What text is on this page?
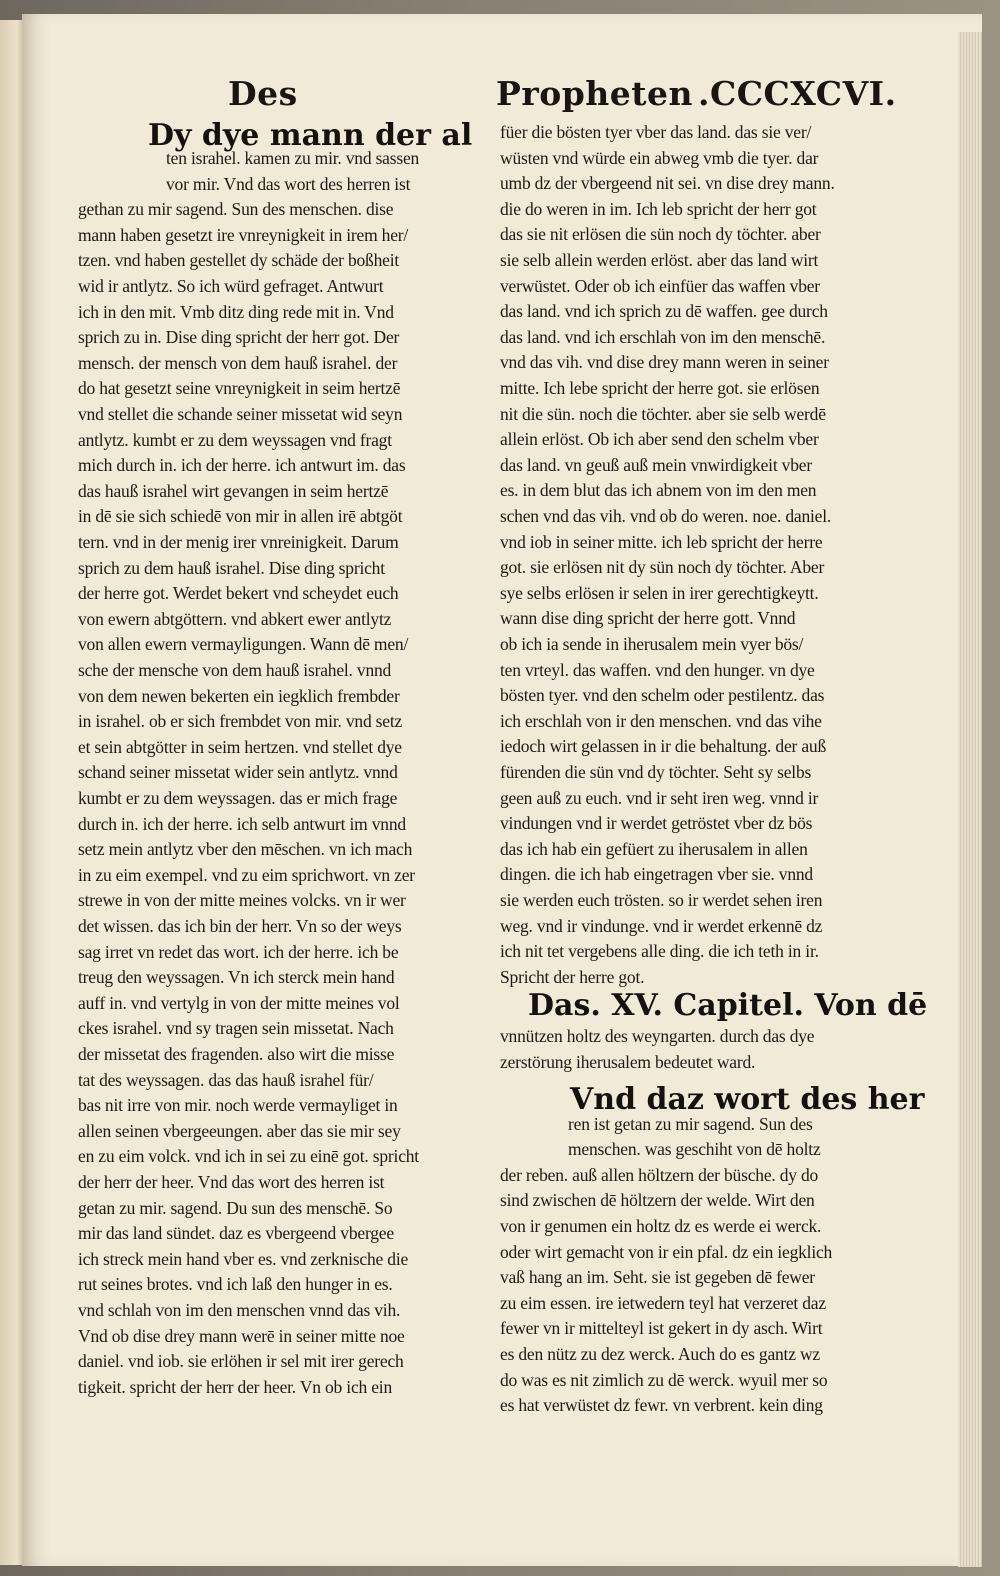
Des	Propheten .CCCXCVI.
Dy dye mann der al
ten israhel. kamen zu mir. vnd sassen
vor mir. Vnd das wort des herren ist
gethan zu mir sagend. Sun des menschen. dise
mann haben gesetzt ire vnreynigkeit in irem her/
tzen. vnd haben gestellet dy schäde der boßheit
wid ir antlytz. So ich würd gefraget. Antwurt
ich in den mit. Vmb ditz ding rede mit in. Vnd
sprich zu in. Dise ding spricht der herr got. Der
mensch. der mensch von dem hauß israhel. der
do hat gesetzt seine vnreynigkeit in seim hertzē
vnd stellet die schande seiner missetat wid seyn
antlytz. kumbt er zu dem weyssagen vnd fragt
mich durch in. ich der herre. ich antwurt im. das
das hauß israhel wirt gevangen in seim hertzē
in dē sie sich schiedē von mir in allen irē abtgöt
tern. vnd in der menig irer vnreinigkeit. Darum
sprich zu dem hauß israhel. Dise ding spricht
der herre got. Werdet bekert vnd scheydet euch
von ewern abtgöttern. vnd abkert ewer antlytz
von allen ewern vermayligungen. Wann dē men/
sche der mensche von dem hauß israhel. vnnd
von dem newen bekerten ein iegklich frembder
in israhel. ob er sich frembdet von mir. vnd setz
et sein abtgötter in seim hertzen. vnd stellet dye
schand seiner missetat wider sein antlytz. vnnd
kumbt er zu dem weyssagen. das er mich frage
durch in. ich der herre. ich selb antwurt im vnnd
setz mein antlytz vber den mēschen. vn ich mach
in zu eim exempel. vnd zu eim sprichwort. vn zer
strewe in von der mitte meines volcks. vn ir wer
det wissen. das ich bin der herr. Vn so der weys
sag irret vn redet das wort. ich der herre. ich be
treug den weyssagen. Vn ich sterck mein hand
auff in. vnd vertylg in von der mitte meines vol
ckes israhel. vnd sy tragen sein missetat. Nach
der missetat des fragenden. also wirt die misse
tat des weyssagen. das das hauß israhel für/
bas nit irre von mir. noch werde vermayliget in
allen seinen vbergeeungen. aber das sie mir sey
en zu eim volck. vnd ich in sei zu einē got. spricht
der herr der heer. Vnd das wort des herren ist
getan zu mir. sagend. Du sun des menschē. So
mir das land sündet. daz es vbergeend vbergee
ich streck mein hand vber es. vnd zerknische die
rut seines brotes. vnd ich laß den hunger in es.
vnd schlah von im den menschen vnnd das vih.
Vnd ob dise drey mann werē in seiner mitte noe
daniel. vnd iob. sie erlöhen ir sel mit irer gerech
tigkeit. spricht der herr der heer. Vn ob ich ein
Das. XV. Capitel. Von dē
Vnd daz wort des her
füer die bösten tyer vber das land. das sie ver/
wüsten vnd würde ein abweg vmb die tyer. dar
umb dz der vbergeend nit sei. vn dise drey mann.
die do weren in im. Ich leb spricht der herr got
das sie nit erlösen die sün noch dy töchter. aber
sie selb allein werden erlöst. aber das land wirt
verwüstet. Oder ob ich einfüer das waffen vber
das land. vnd ich sprich zu dē waffen. gee durch
das land. vnd ich erschlah von im den menschē.
vnd das vih. vnd dise drey mann weren in seiner
mitte. Ich lebe spricht der herre got. sie erlösen
nit die sün. noch die töchter. aber sie selb werdē
allein erlöst. Ob ich aber send den schelm vber
das land. vn geuß auß mein vnwirdigkeit vber
es. in dem blut das ich abnem von im den men
schen vnd das vih. vnd ob do weren. noe. daniel.
vnd iob in seiner mitte. ich leb spricht der herre
got. sie erlösen nit dy sün noch dy töchter. Aber
sye selbs erlösen ir selen in irer gerechtigkeytt.
wann dise ding spricht der herre gott. Vnnd
ob ich ia sende in iherusalem mein vyer bös/
ten vrteyl. das waffen. vnd den hunger. vn dye
bösten tyer. vnd den schelm oder pestilentz. das
ich erschlah von ir den menschen. vnd das vihe
iedoch wirt gelassen in ir die behaltung. der auß
fürenden die sün vnd dy töchter. Seht sy selbs
geen auß zu euch. vnd ir seht iren weg. vnnd ir
vindungen vnd ir werdet getröstet vber dz bös
das ich hab ein gefüert zu iherusalem in allen
dingen. die ich hab eingetragen vber sie. vnnd
sie werden euch trösten. so ir werdet sehen iren
weg. vnd ir vindunge. vnd ir werdet erkennē dz
ich nit tet vergebens alle ding. die ich teth in ir.
Spricht der herre got.
vnnützen holtz des weyngarten. durch das dye
zerstörung iherusalem bedeutet ward.
ren ist getan zu mir sagend. Sun des
menschen. was geschiht von dē holtz
der reben. auß allen höltzern der büsche. dy do
sind zwischen dē höltzern der welde. Wirt den
von ir genumen ein holtz dz es werde ei werck.
oder wirt gemacht von ir ein pfal. dz ein iegklich
vaß hang an im. Seht. sie ist gegeben dē fewer
zu eim essen. ire ietwedern teyl hat verzeret daz
fewer vn ir mittelteyl ist gekert in dy asch. Wirt
es den nütz zu dez werck. Auch do es gantz wz
do was es nit zimlich zu dē werck. wyuil mer so
es hat verwüstet dz fewr. vn verbrent. kein ding
